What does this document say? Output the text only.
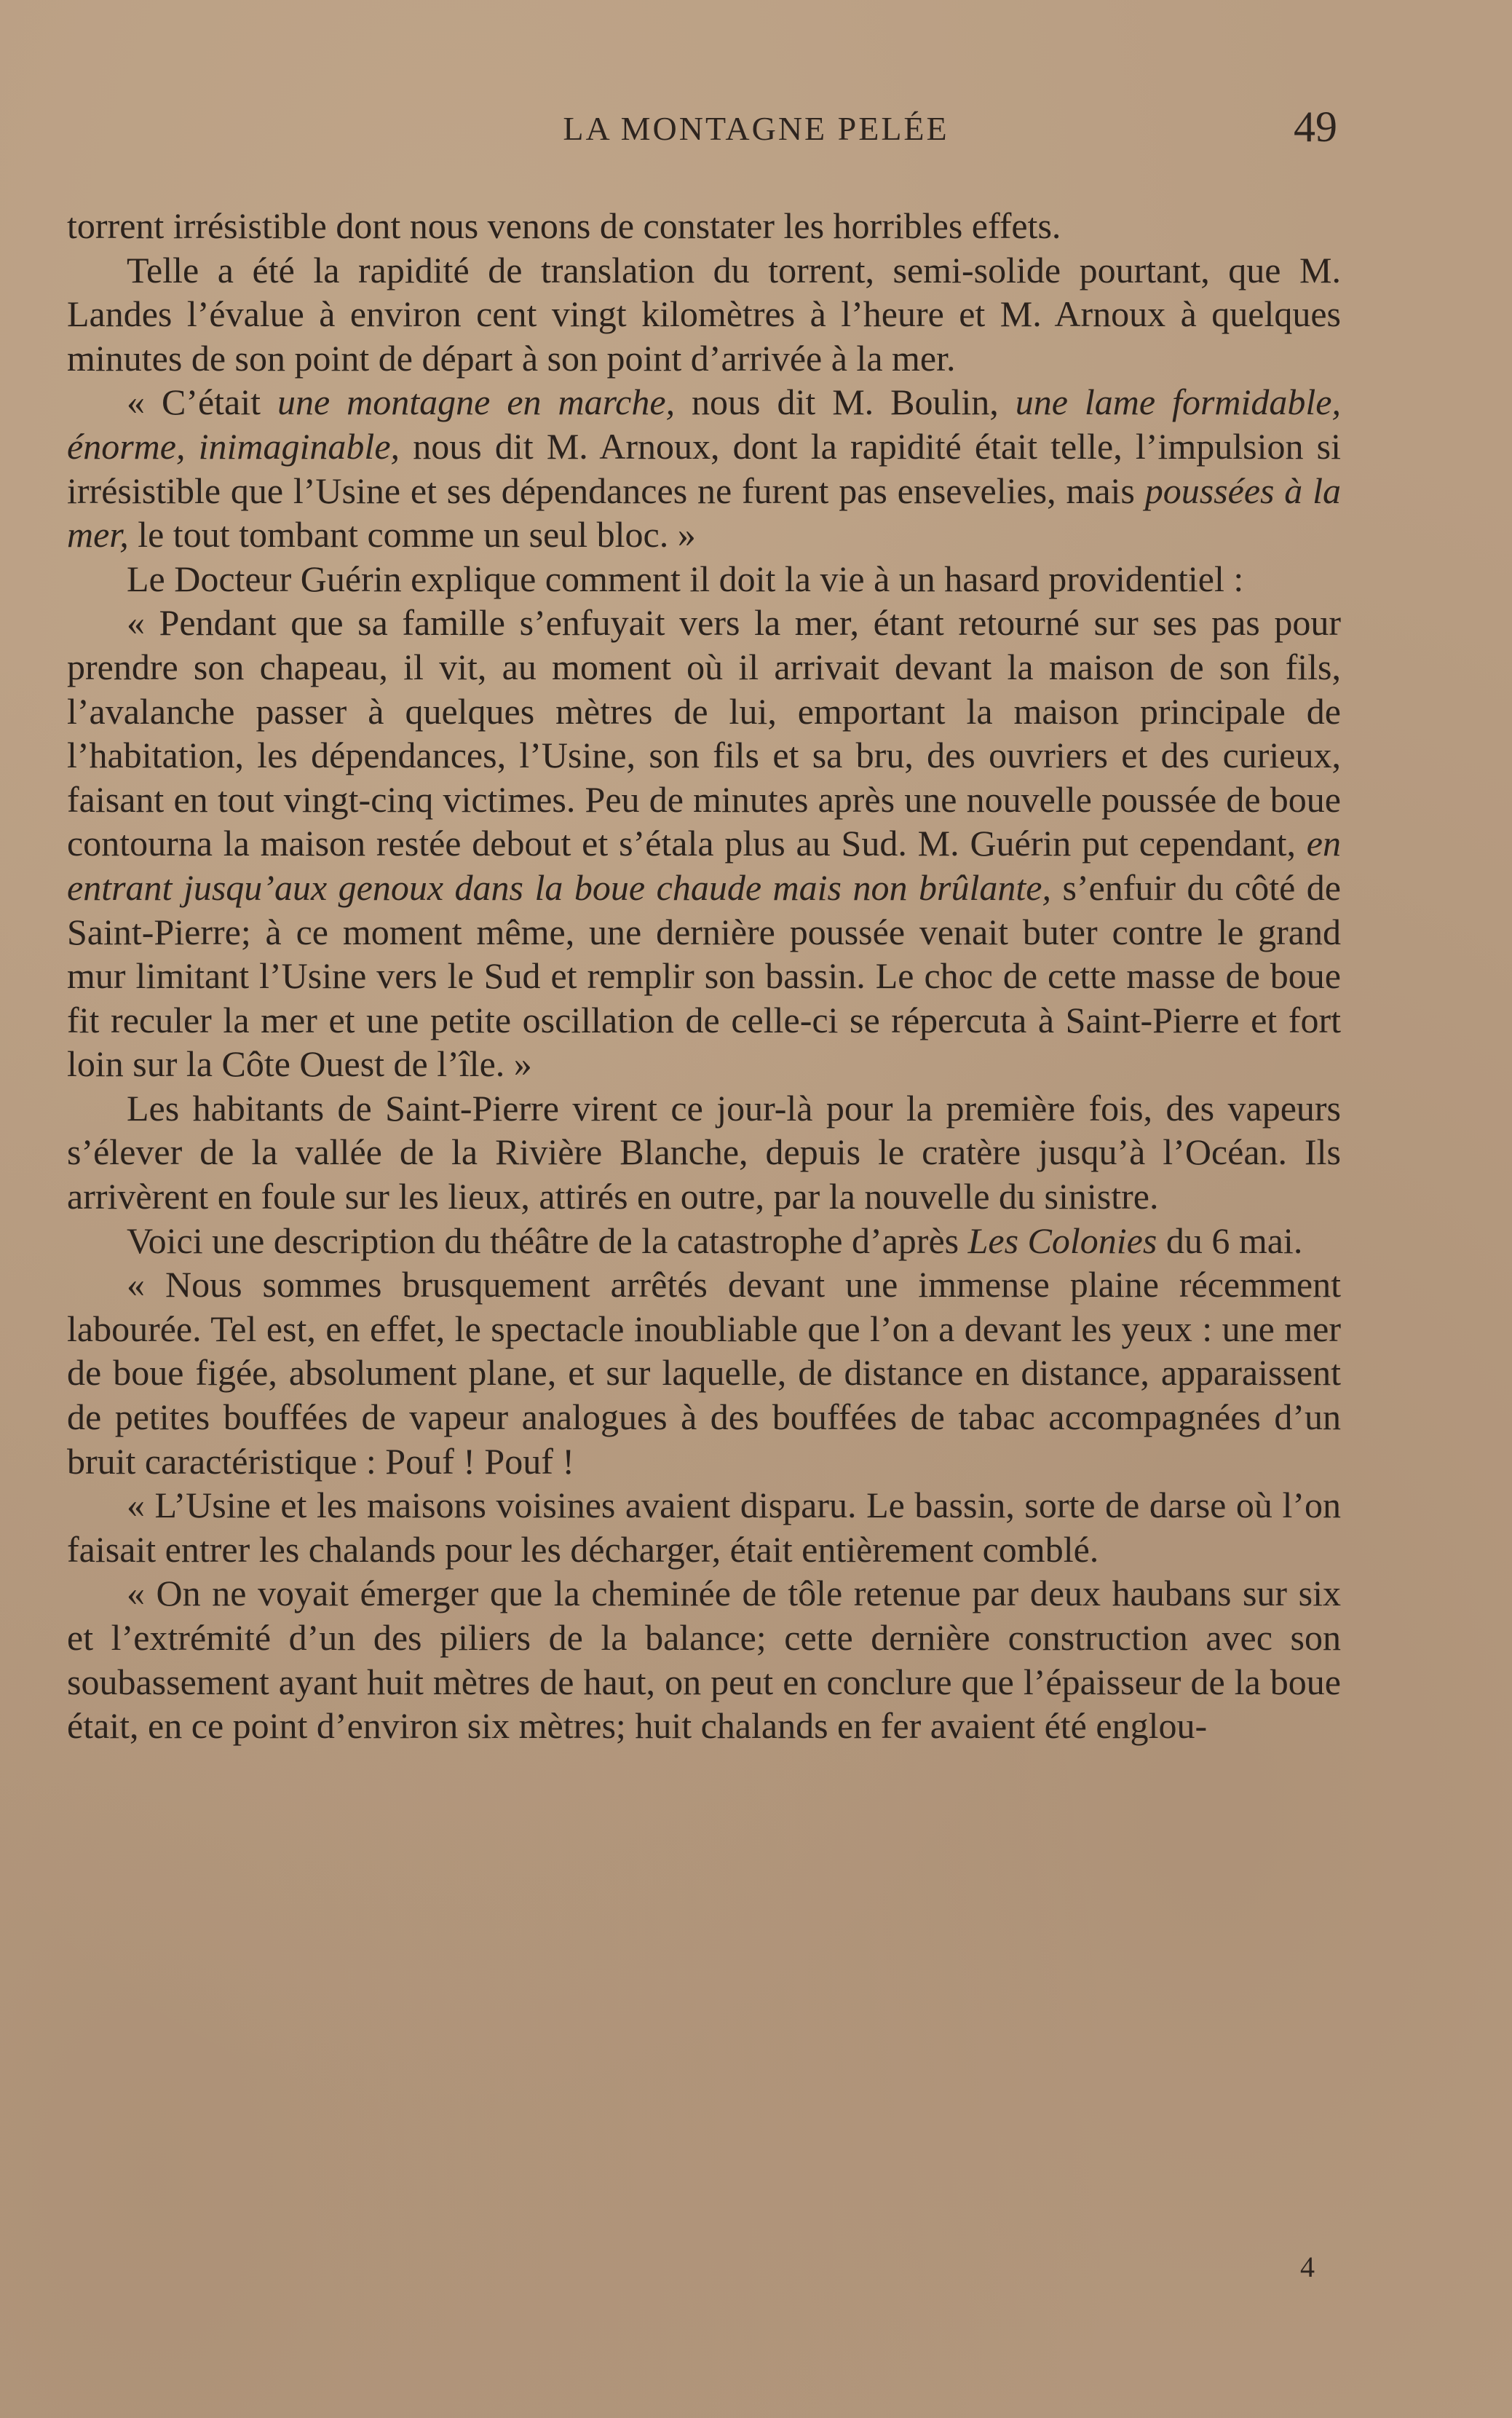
LA MONTAGNE PELÉE	49

torrent irrésistible dont nous venons de constater les horribles effets.

Telle a été la rapidité de translation du torrent, semi-solide pourtant, que M. Landes l’évalue à environ cent vingt kilomètres à l’heure et M. Arnoux à quelques minutes de son point de départ à son point d’arrivée à la mer.

« C’était une montagne en marche, nous dit M. Boulin, une lame formidable, énorme, inimaginable, nous dit M. Arnoux, dont la rapidité était telle, l’impulsion si irrésistible que l’Usine et ses dépendances ne furent pas ensevelies, mais poussées à la mer, le tout tombant comme un seul bloc. »

Le Docteur Guérin explique comment il doit la vie à un hasard providentiel :

« Pendant que sa famille s’enfuyait vers la mer, étant retourné sur ses pas pour prendre son chapeau, il vit, au moment où il arrivait devant la maison de son fils, l’avalanche passer à quelques mètres de lui, emportant la maison principale de l’habitation, les dépendances, l’Usine, son fils et sa bru, des ouvriers et des curieux, faisant en tout vingt-cinq victimes. Peu de minutes après une nouvelle poussée de boue contourna la maison restée debout et s’étala plus au Sud. M. Guérin put cependant, en entrant jusqu’aux genoux dans la boue chaude mais non brûlante, s’enfuir du côté de Saint-Pierre; à ce moment même, une dernière poussée venait buter contre le grand mur limitant l’Usine vers le Sud et remplir son bassin. Le choc de cette masse de boue fit reculer la mer et une petite oscillation de celle-ci se répercuta à Saint-Pierre et fort loin sur la Côte Ouest de l’île. »

Les habitants de Saint-Pierre virent ce jour-là pour la première fois, des vapeurs s’élever de la vallée de la Rivière Blanche, depuis le cratère jusqu’à l’Océan. Ils arrivèrent en foule sur les lieux, attirés en outre, par la nouvelle du sinistre.

Voici une description du théâtre de la catastrophe d’après Les Colonies du 6 mai.

« Nous sommes brusquement arrêtés devant une immense plaine récemment labourée. Tel est, en effet, le spectacle inoubliable que l’on a devant les yeux : une mer de boue figée, absolument plane, et sur laquelle, de distance en distance, apparaissent de petites bouffées de vapeur analogues à des bouffées de tabac accompagnées d’un bruit caractéristique : Pouf ! Pouf !

« L’Usine et les maisons voisines avaient disparu. Le bassin, sorte de darse où l’on faisait entrer les chalands pour les décharger, était entièrement comblé.

« On ne voyait émerger que la cheminée de tôle retenue par deux haubans sur six et l’extrémité d’un des piliers de la balance; cette dernière construction avec son soubassement ayant huit mètres de haut, on peut en conclure que l’épaisseur de la boue était, en ce point d’environ six mètres; huit chalands en fer avaient été englou-

4
